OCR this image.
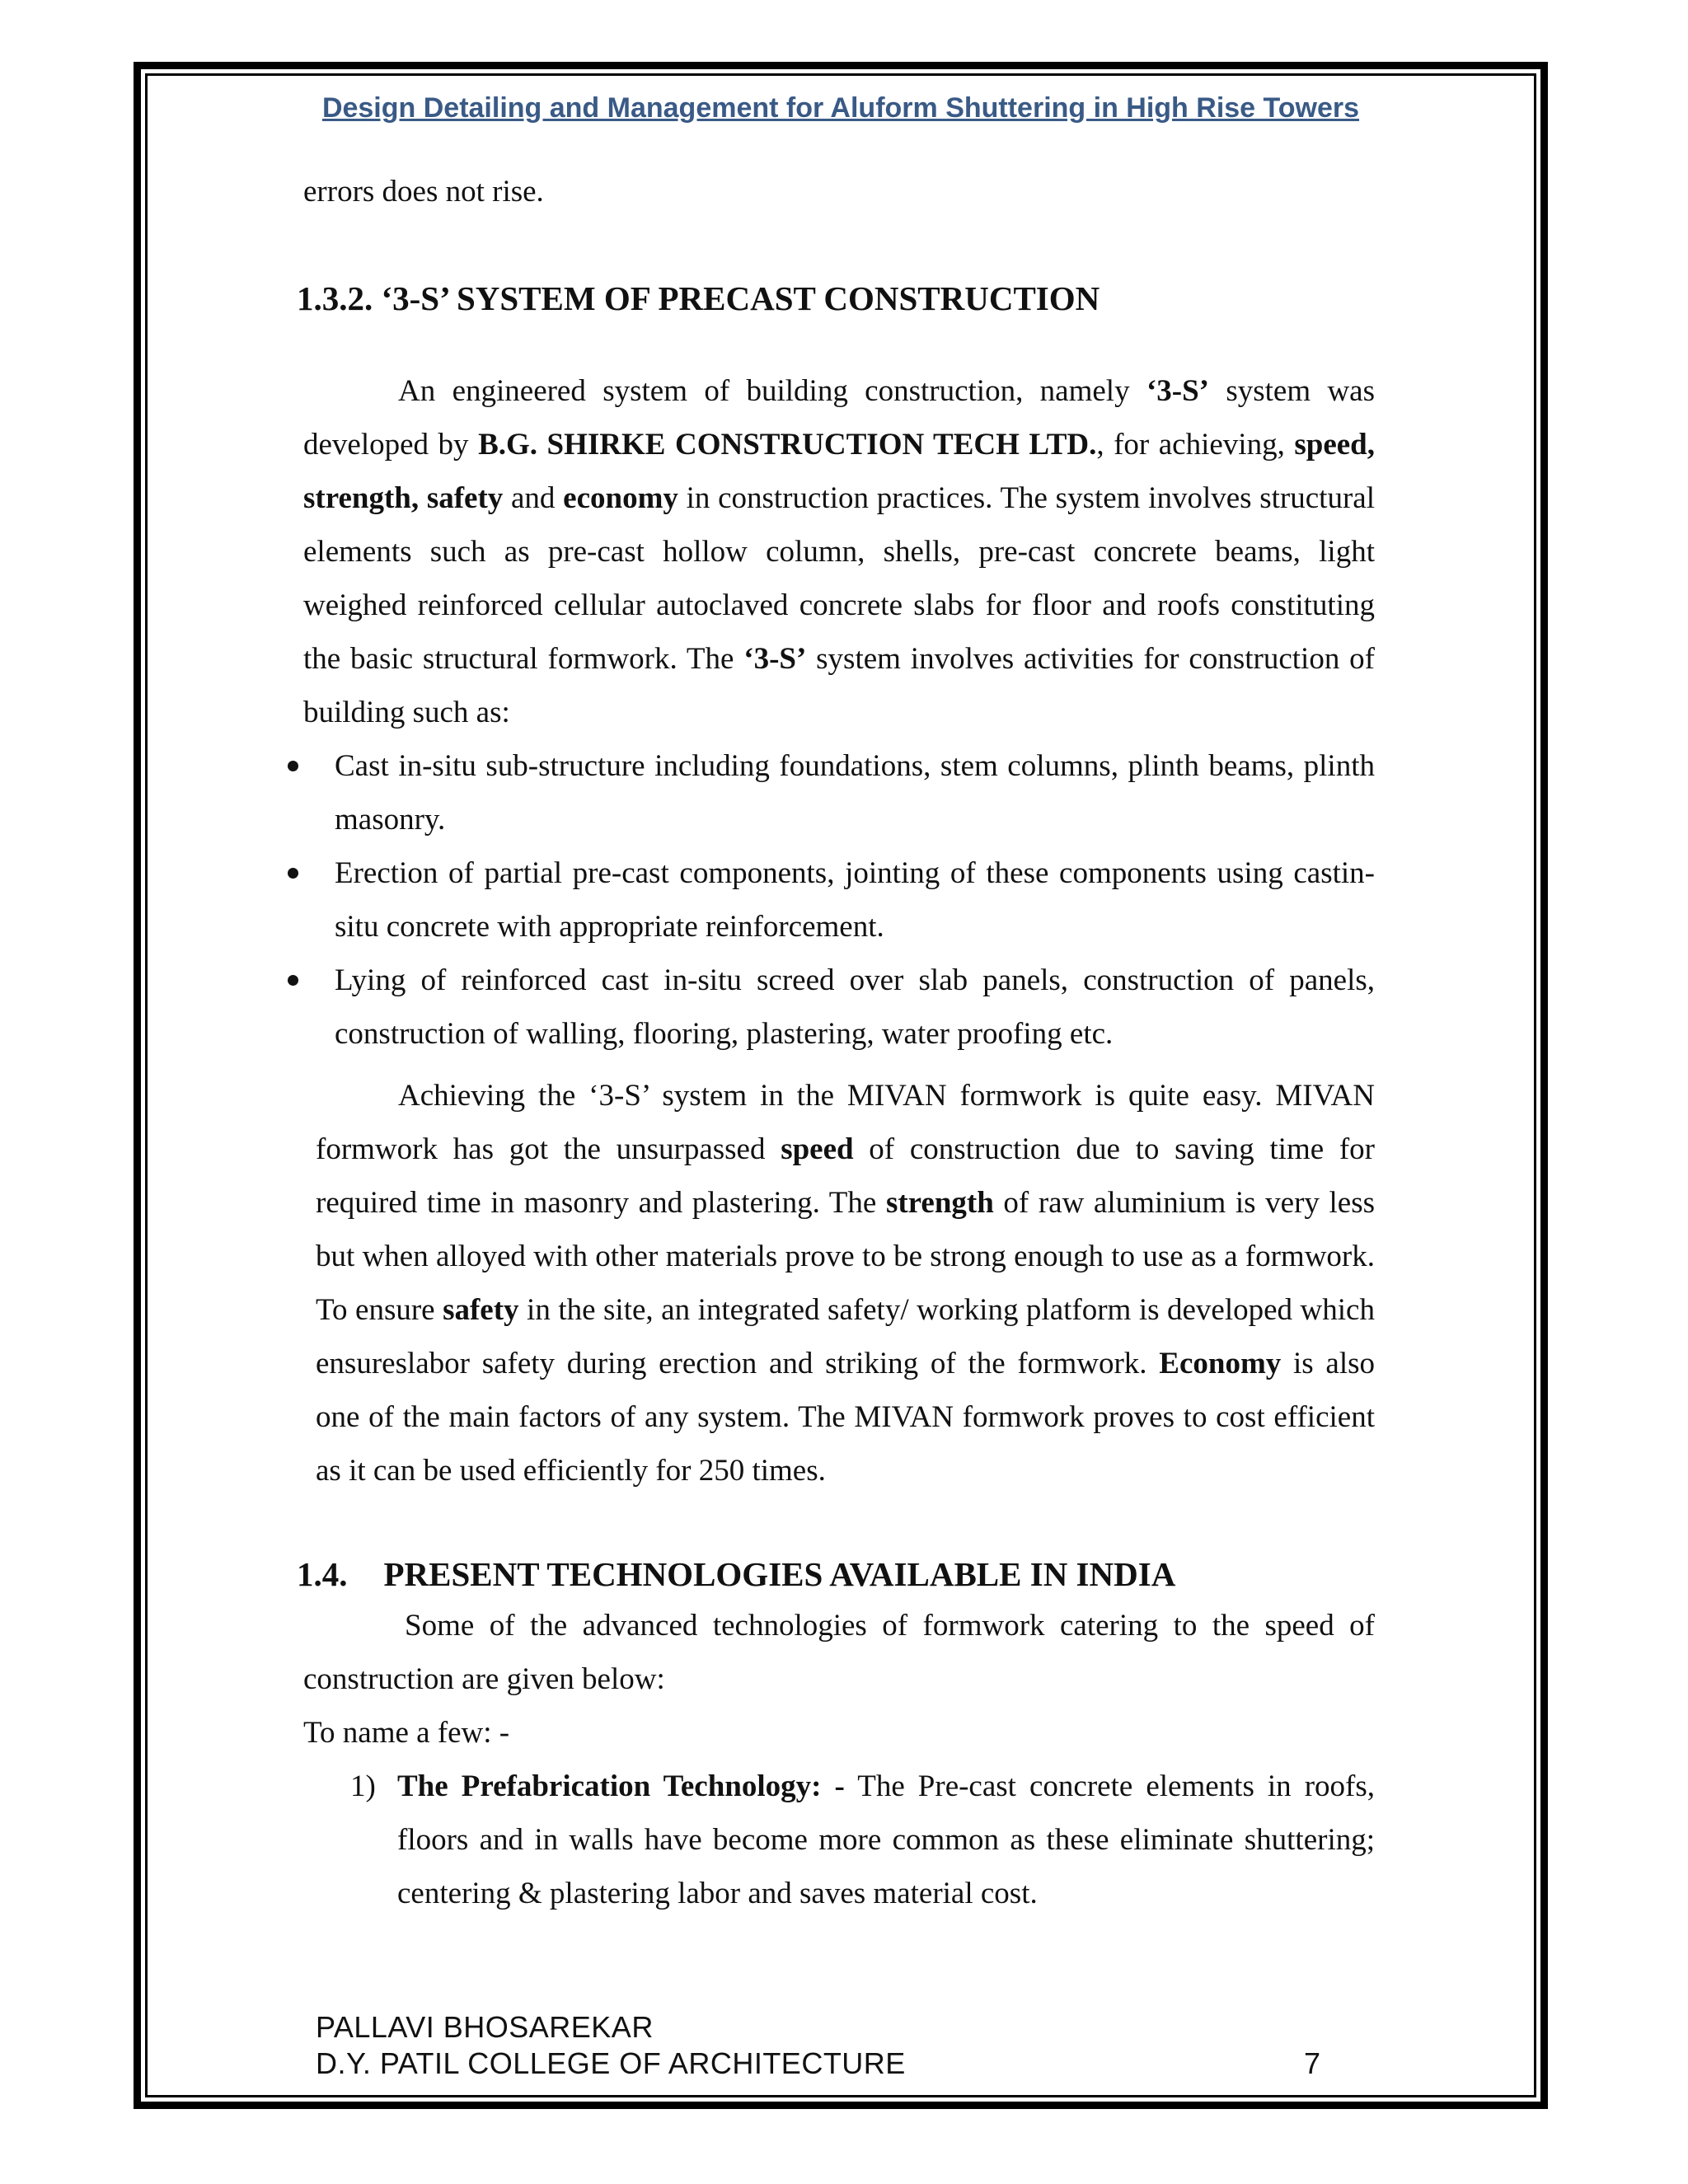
Design Detailing and Management for Aluform Shuttering in High Rise Towers

errors does not rise.

1.3.2. ‘3-S’ SYSTEM OF PRECAST CONSTRUCTION

An engineered system of building construction, namely ‘3-S’ system was developed by B.G. SHIRKE CONSTRUCTION TECH LTD., for achieving, speed, strength, safety and economy in construction practices. The system involves structural elements such as pre-cast hollow column, shells, pre-cast concrete beams, light weighed reinforced cellular autoclaved concrete slabs for floor and roofs constituting the basic structural formwork. The ‘3-S’ system involves activities for construction of building such as:

Cast in-situ sub-structure including foundations, stem columns, plinth beams, plinth masonry.
Erection of partial pre-cast components, jointing of these components using castin-situ concrete with appropriate reinforcement.
Lying of reinforced cast in-situ screed over slab panels, construction of panels, construction of walling, flooring, plastering, water proofing etc.

Achieving the ‘3-S’ system in the MIVAN formwork is quite easy. MIVAN formwork has got the unsurpassed speed of construction due to saving time for required time in masonry and plastering. The strength of raw aluminium is very less but when alloyed with other materials prove to be strong enough to use as a formwork. To ensure safety in the site, an integrated safety/ working platform is developed which ensureslabor safety during erection and striking of the formwork. Economy is also one of the main factors of any system. The MIVAN formwork proves to cost efficient as it can be used efficiently for 250 times.

1.4. PRESENT TECHNOLOGIES AVAILABLE IN INDIA

Some of the advanced technologies of formwork catering to the speed of construction are given below:

To name a few: -

1) The Prefabrication Technology: - The Pre-cast concrete elements in roofs, floors and in walls have become more common as these eliminate shuttering; centering & plastering labor and saves material cost.
PALLAVI BHOSAREKAR
D.Y. PATIL COLLEGE OF ARCHITECTURE	7
